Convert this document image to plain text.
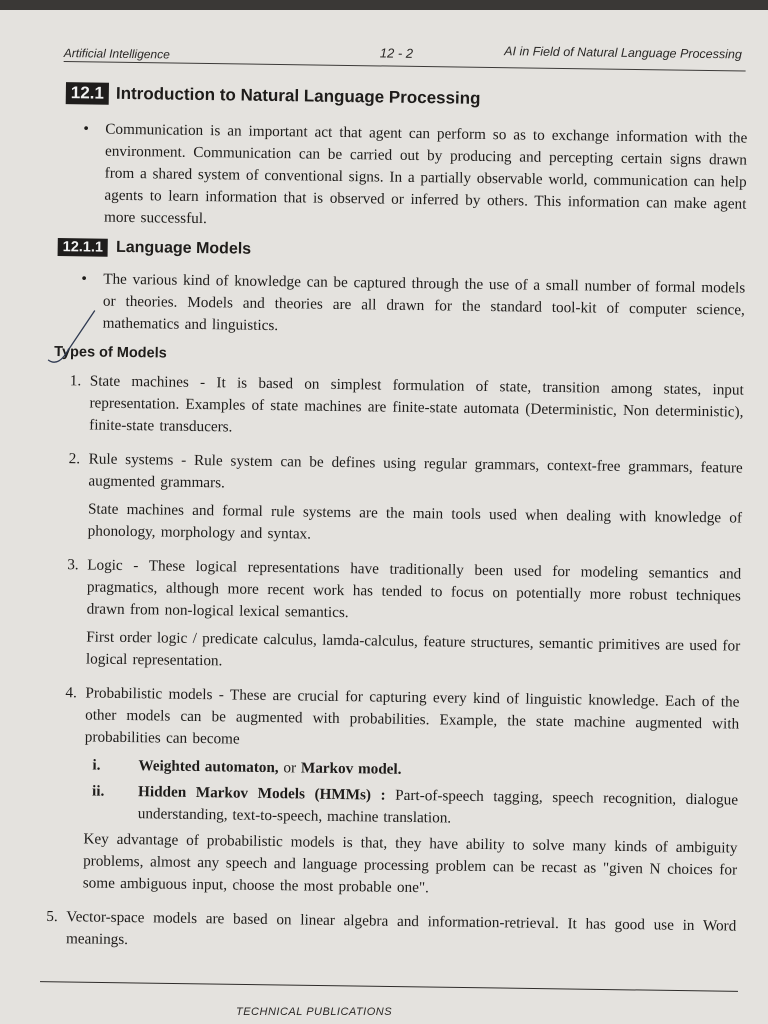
Artificial Intelligence	12 - 2	AI in Field of Natural Language Processing
12.1 Introduction to Natural Language Processing
•	Communication is an important act that agent can perform so as to exchange information with the environment. Communication can be carried out by producing and percepting certain signs drawn from a shared system of conventional signs. In a partially observable world, communication can help agents to learn information that is observed or inferred by others. This information can make agent more successful.

12.1.1 Language Models
•	The various kind of knowledge can be captured through the use of a small number of formal models or theories. Models and theories are all drawn for the standard tool-kit of computer science, mathematics and linguistics.

Types of Models
1. State machines - It is based on simplest formulation of state, transition among states, input representation. Examples of state machines are finite-state automata (Deterministic, Non deterministic), finite-state transducers.

2. Rule systems - Rule system can be defines using regular grammars, context-free grammars, feature augmented grammars.

State machines and formal rule systems are the main tools used when dealing with knowledge of phonology, morphology and syntax.

3. Logic - These logical representations have traditionally been used for modeling semantics and pragmatics, although more recent work has tended to focus on potentially more robust techniques drawn from non-logical lexical semantics.

First order logic / predicate calculus, lamda-calculus, feature structures, semantic primitives are used for logical representation.

4. Probabilistic models - These are crucial for capturing every kind of linguistic knowledge. Each of the other models can be augmented with probabilities. Example, the state machine augmented with probabilities can become

i.	Weighted automaton, or Markov model.

ii.	Hidden Markov Models (HMMs) : Part-of-speech tagging, speech recognition, dialogue understanding, text-to-speech, machine translation.

Key advantage of probabilistic models is that, they have ability to solve many kinds of ambiguity problems, almost any speech and language processing problem can be recast as "given N choices for some ambiguous input, choose the most probable one".

5. Vector-space models are based on linear algebra and information-retrieval. It has good use in Word meanings.

TECHNICAL PUBLICATIONS
